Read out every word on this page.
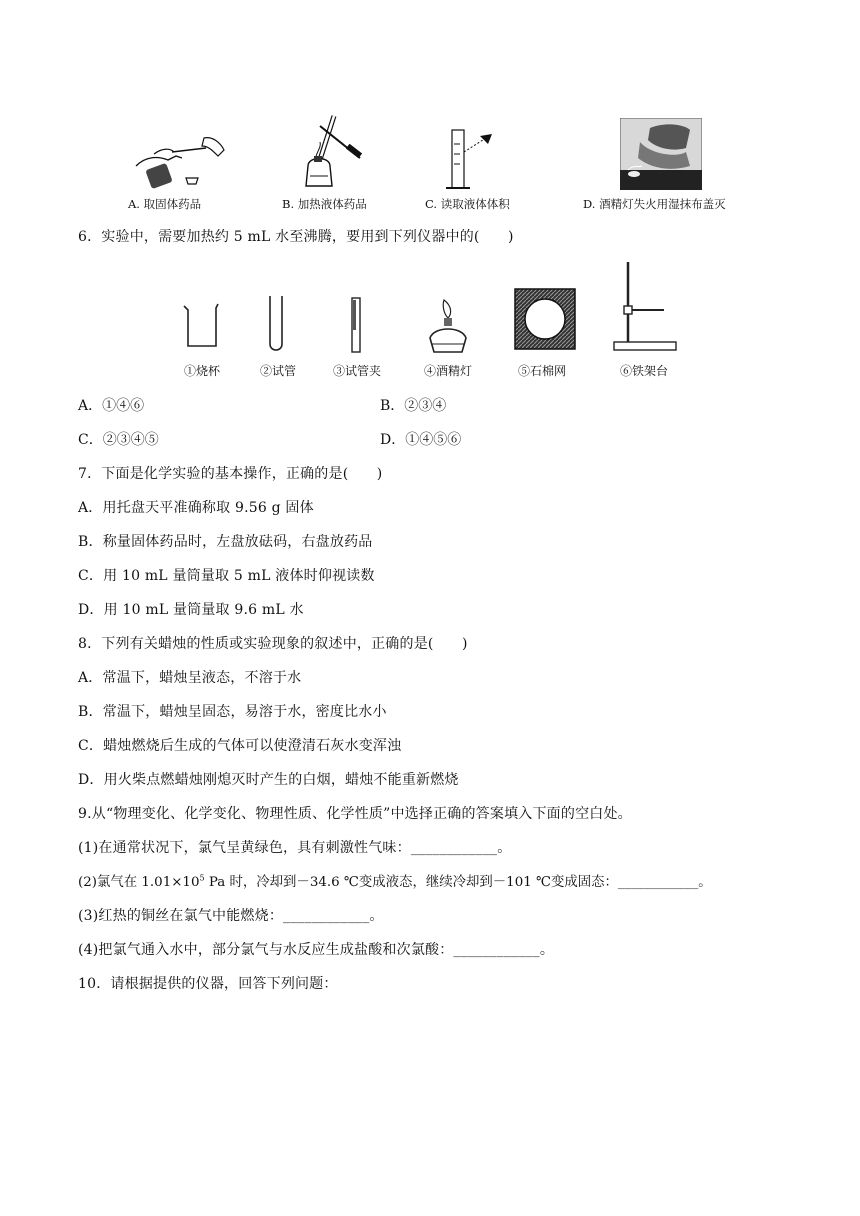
A. 取固体药品	B. 加热液体药品	C. 读取液体体积	D. 酒精灯失火用湿抹布盖灭
6．实验中，需要加热约 5 mL 水至沸腾，要用到下列仪器中的(　　)
①烧杯	②试管	③试管夹	④酒精灯	⑤石棉网	⑥铁架台
A．①④⑥	B．②③④
C．②③④⑤	D．①④⑤⑥
7．下面是化学实验的基本操作，正确的是(　　)
A．用托盘天平准确称取 9.56 g 固体
B．称量固体药品时，左盘放砝码，右盘放药品
C．用 10 mL 量筒量取 5 mL 液体时仰视读数
D．用 10 mL 量筒量取 9.6 mL 水
8．下列有关蜡烛的性质或实验现象的叙述中，正确的是(　　)
A．常温下，蜡烛呈液态，不溶于水
B．常温下，蜡烛呈固态，易溶于水，密度比水小
C．蜡烛燃烧后生成的气体可以使澄清石灰水变浑浊
D．用火柴点燃蜡烛刚熄灭时产生的白烟，蜡烛不能重新燃烧
9.从“物理变化、化学变化、物理性质、化学性质”中选择正确的答案填入下面的空白处。
(1)在通常状况下，氯气呈黄绿色，具有刺激性气味：____________。
(2)氯气在 $1.01\times 10^5$ Pa 时，冷却到－34.6 ℃变成液态，继续冷却到－101 ℃变成固态：____________。
(3)红热的铜丝在氯气中能燃烧：____________。
(4)把氯气通入水中，部分氯气与水反应生成盐酸和次氯酸：____________。
10．请根据提供的仪器，回答下列问题：
